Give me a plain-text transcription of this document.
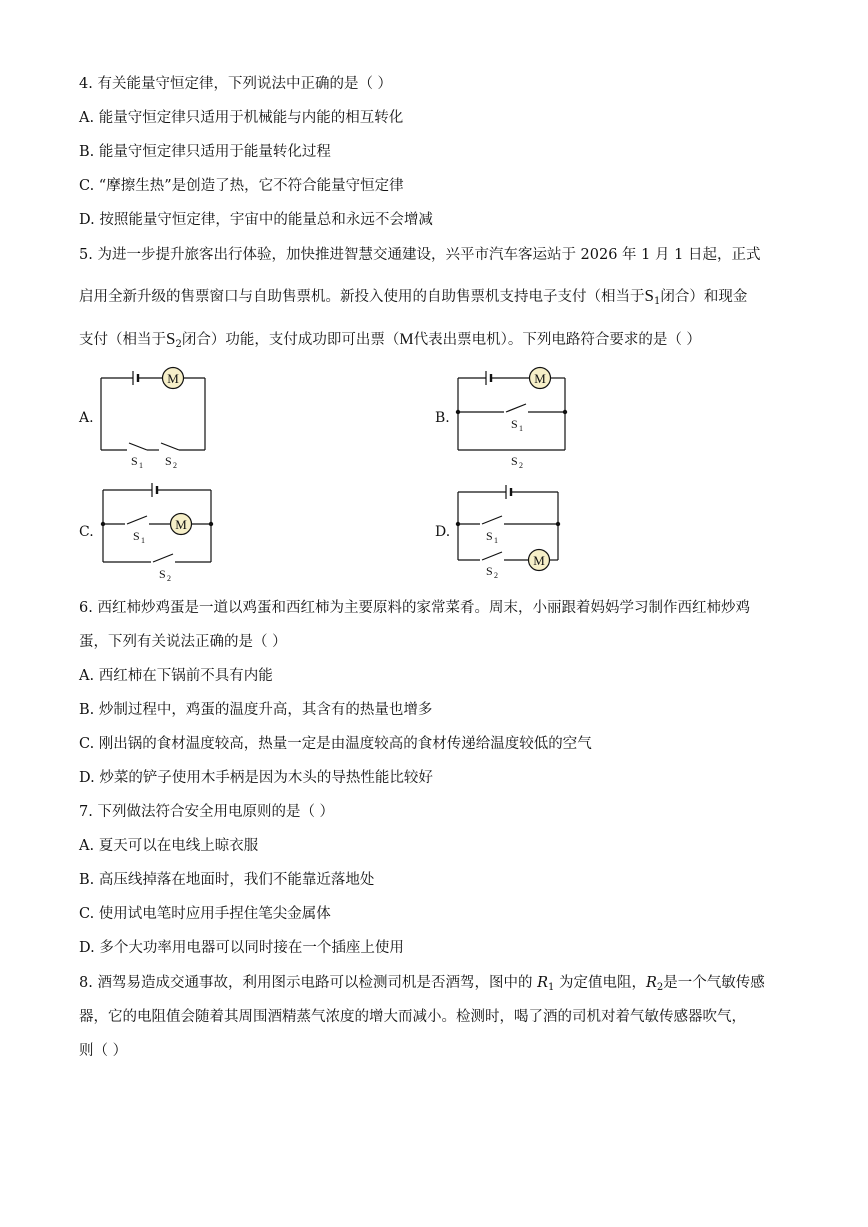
4. 有关能量守恒定律，下列说法中正确的是（ ）
A. 能量守恒定律只适用于机械能与内能的相互转化
B. 能量守恒定律只适用于能量转化过程
C. “摩擦生热”是创造了热，它不符合能量守恒定律
D. 按照能量守恒定律，宇宙中的能量总和永远不会增减
5. 为进一步提升旅客出行体验，加快推进智慧交通建设，兴平市汽车客运站于 2026 年 1 月 1 日起，正式
启用全新升级的售票窗口与自助售票机。新投入使用的自助售票机支持电子支付（相当于$S_1$闭合）和现金
支付（相当于$S_2$闭合）功能，支付成功即可出票（M代表出票电机）。下列电路符合要求的是（ ）
A.	B.
C.	D.
M
S 1 S 2
M
S 1
S 2
M
S 1
S 2
M
S 1
S 2
6. 西红柿炒鸡蛋是一道以鸡蛋和西红柿为主要原料的家常菜肴。周末，小丽跟着妈妈学习制作西红柿炒鸡
蛋，下列有关说法正确的是（ ）
A. 西红柿在下锅前不具有内能
B. 炒制过程中，鸡蛋的温度升高，其含有的热量也增多
C. 刚出锅的食材温度较高，热量一定是由温度较高的食材传递给温度较低的空气
D. 炒菜的铲子使用木手柄是因为木头的导热性能比较好
7. 下列做法符合安全用电原则的是（ ）
A. 夏天可以在电线上晾衣服
B. 高压线掉落在地面时，我们不能靠近落地处
C. 使用试电笔时应用手捏住笔尖金属体
D. 多个大功率用电器可以同时接在一个插座上使用
8. 酒驾易造成交通事故，利用图示电路可以检测司机是否酒驾，图中的 $R_1$ 为定值电阻，$R_2$是一个气敏传感
器，它的电阻值会随着其周围酒精蒸气浓度的增大而减小。检测时，喝了酒的司机对着气敏传感器吹气，
则（ ）
